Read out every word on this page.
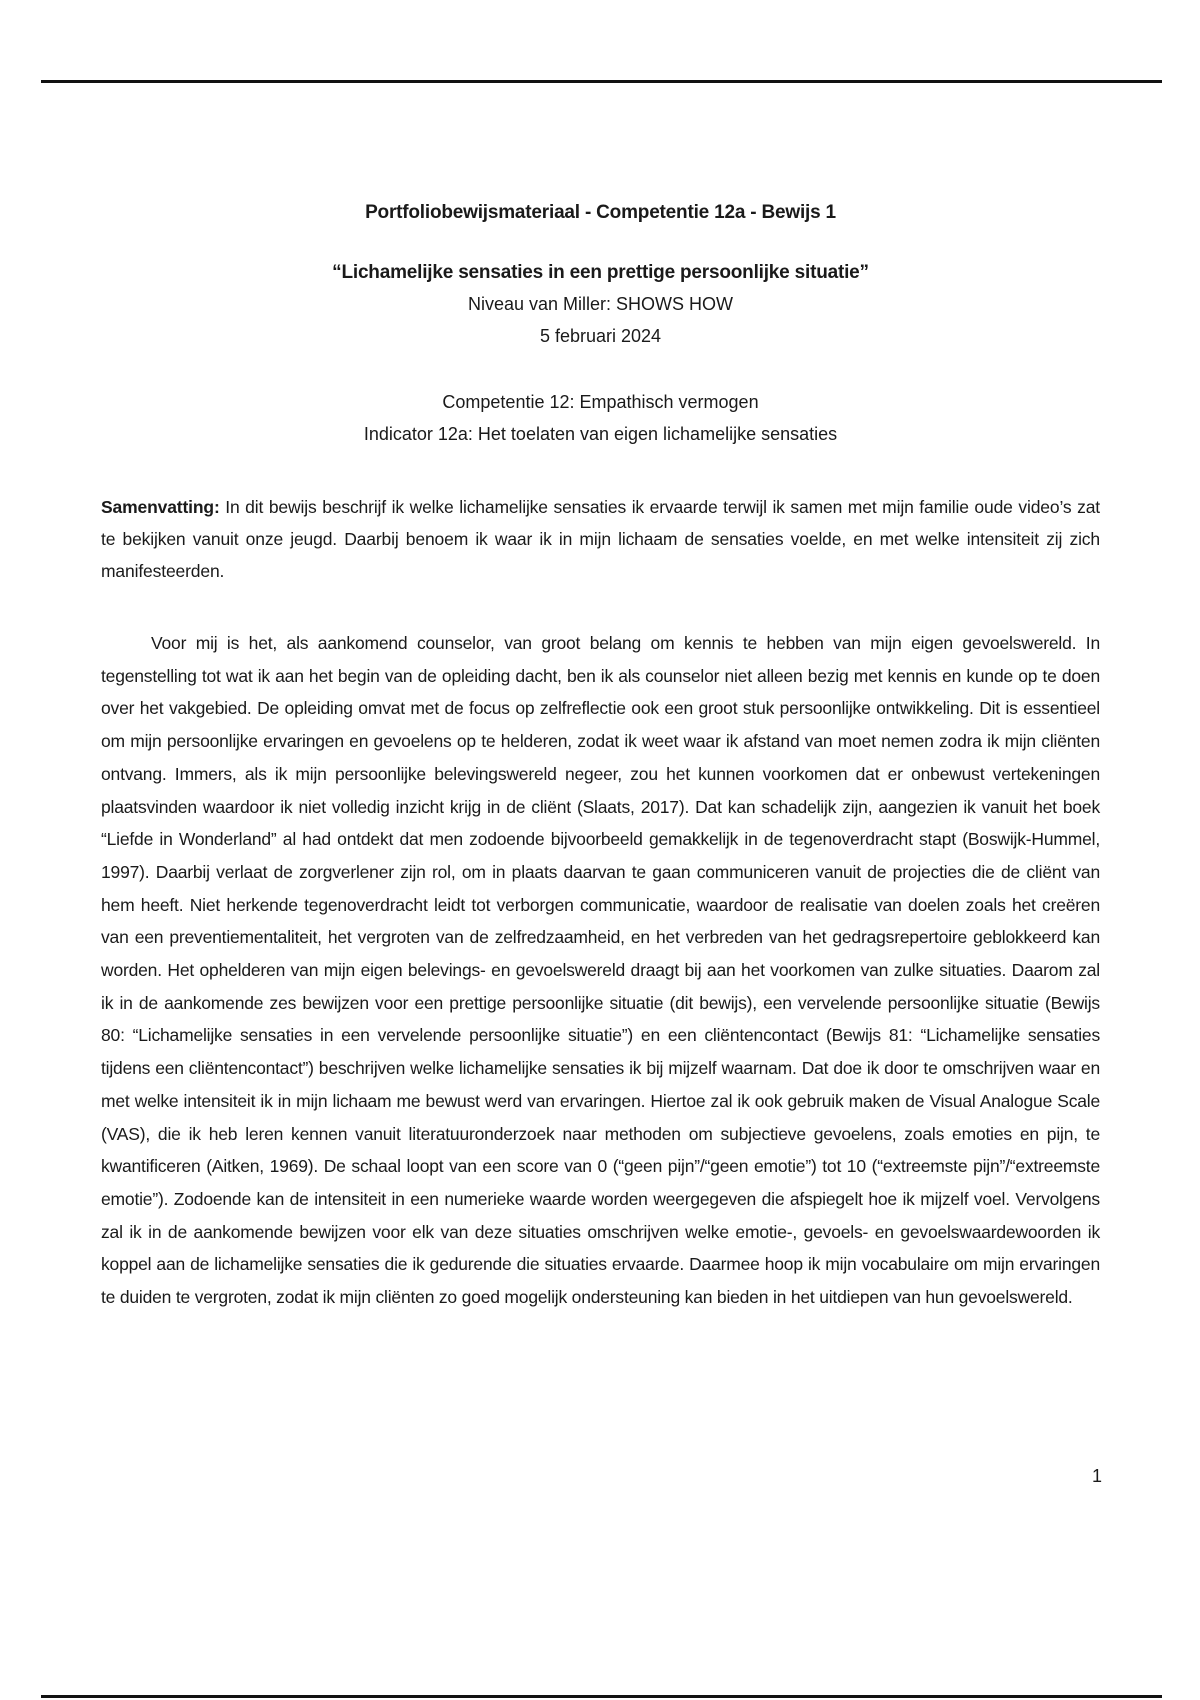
Portfoliobewijsmateriaal - Competentie 12a - Bewijs 1

“Lichamelijke sensaties in een prettige persoonlijke situatie”

Niveau van Miller: SHOWS HOW

5 februari 2024

Competentie 12: Empathisch vermogen

Indicator 12a: Het toelaten van eigen lichamelijke sensaties

Samenvatting: In dit bewijs beschrijf ik welke lichamelijke sensaties ik ervaarde terwijl ik samen met mijn familie oude video’s zat te bekijken vanuit onze jeugd. Daarbij benoem ik waar ik in mijn lichaam de sensaties voelde, en met welke intensiteit zij zich manifesteerden.

Voor mij is het, als aankomend counselor, van groot belang om kennis te hebben van mijn eigen gevoelswereld. In tegenstelling tot wat ik aan het begin van de opleiding dacht, ben ik als counselor niet alleen bezig met kennis en kunde op te doen over het vakgebied. De opleiding omvat met de focus op zelfreflectie ook een groot stuk persoonlijke ontwikkeling. Dit is essentieel om mijn persoonlijke ervaringen en gevoelens op te helderen, zodat ik weet waar ik afstand van moet nemen zodra ik mijn cliënten ontvang. Immers, als ik mijn persoonlijke belevingswereld negeer, zou het kunnen voorkomen dat er onbewust vertekeningen plaatsvinden waardoor ik niet volledig inzicht krijg in de cliënt (Slaats, 2017). Dat kan schadelijk zijn, aangezien ik vanuit het boek “Liefde in Wonderland” al had ontdekt dat men zodoende bijvoorbeeld gemakkelijk in de tegenoverdracht stapt (Boswijk-Hummel, 1997). Daarbij verlaat de zorgverlener zijn rol, om in plaats daarvan te gaan communiceren vanuit de projecties die de cliënt van hem heeft. Niet herkende tegenoverdracht leidt tot verborgen communicatie, waardoor de realisatie van doelen zoals het creëren van een preventiementaliteit, het vergroten van de zelfredzaamheid, en het verbreden van het gedragsrepertoire geblokkeerd kan worden. Het ophelderen van mijn eigen belevings- en gevoelswereld draagt bij aan het voorkomen van zulke situaties. Daarom zal ik in de aankomende zes bewijzen voor een prettige persoonlijke situatie (dit bewijs), een vervelende persoonlijke situatie (Bewijs 80: “Lichamelijke sensaties in een vervelende persoonlijke situatie”) en een cliëntencontact (Bewijs 81: “Lichamelijke sensaties tijdens een cliëntencontact”) beschrijven welke lichamelijke sensaties ik bij mijzelf waarnam. Dat doe ik door te omschrijven waar en met welke intensiteit ik in mijn lichaam me bewust werd van ervaringen. Hiertoe zal ik ook gebruik maken de Visual Analogue Scale (VAS), die ik heb leren kennen vanuit literatuuronderzoek naar methoden om subjectieve gevoelens, zoals emoties en pijn, te kwantificeren (Aitken, 1969). De schaal loopt van een score van 0 (“geen pijn”/“geen emotie”) tot 10 (“extreemste pijn”/“extreemste emotie”). Zodoende kan de intensiteit in een numerieke waarde worden weergegeven die afspiegelt hoe ik mijzelf voel. Vervolgens zal ik in de aankomende bewijzen voor elk van deze situaties omschrijven welke emotie-, gevoels- en gevoelswaardewoorden ik koppel aan de lichamelijke sensaties die ik gedurende die situaties ervaarde. Daarmee hoop ik mijn vocabulaire om mijn ervaringen te duiden te vergroten, zodat ik mijn cliënten zo goed mogelijk ondersteuning kan bieden in het uitdiepen van hun gevoelswereld.

1
